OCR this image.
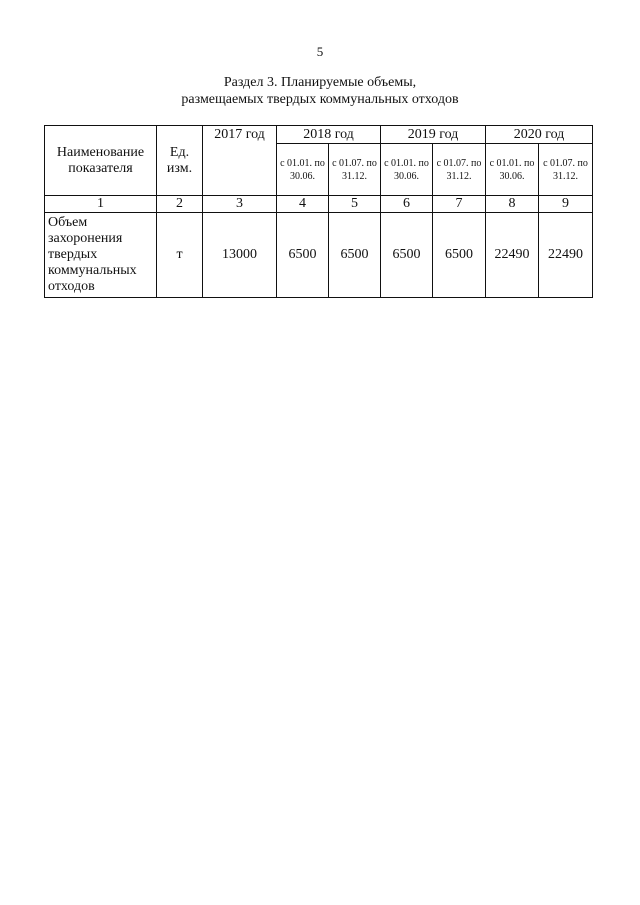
5
Раздел 3. Планируемые объемы,
размещаемых твердых коммунальных отходов
Наименование показателя	Ед. изм.	2017 год	2018 год		2019 год		2020 год	
			с 01.01. по 30.06.	с 01.07. по 31.12.	с 01.01. по 30.06.	с 01.07. по 31.12.	с 01.01. по 30.06.	с 01.07. по 31.12.
1	2	3	4	5	6	7	8	9
Объем захоронения твердых коммунальных отходов	т	13000	6500	6500	6500	6500	22490	22490
